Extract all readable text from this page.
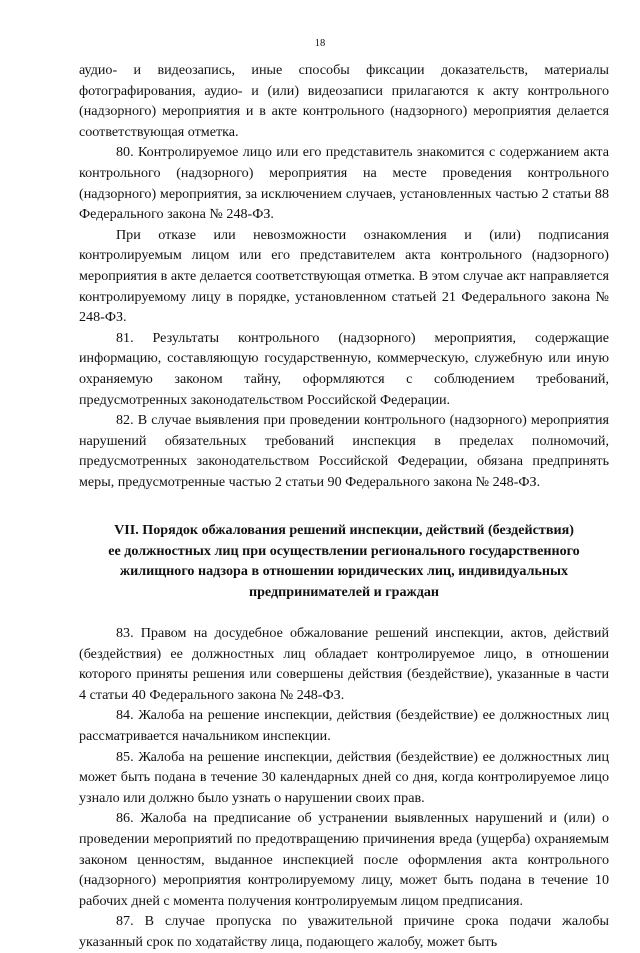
18

аудио- и видеозапись, иные способы фиксации доказательств, материалы фотографирования, аудио- и (или) видеозаписи прилагаются к акту контрольного (надзорного) мероприятия и в акте контрольного (надзорного) мероприятия делается соответствующая отметка.

80. Контролируемое лицо или его представитель знакомится с содержанием акта контрольного (надзорного) мероприятия на месте проведения контрольного (надзорного) мероприятия, за исключением случаев, установленных частью 2 статьи 88 Федерального закона № 248-ФЗ.

При отказе или невозможности ознакомления и (или) подписания контролируемым лицом или его представителем акта контрольного (надзорного) мероприятия в акте делается соответствующая отметка. В этом случае акт направляется контролируемому лицу в порядке, установленном статьей 21 Федерального закона № 248-ФЗ.

81. Результаты контрольного (надзорного) мероприятия, содержащие информацию, составляющую государственную, коммерческую, служебную или иную охраняемую законом тайну, оформляются с соблюдением требований, предусмотренных законодательством Российской Федерации.

82. В случае выявления при проведении контрольного (надзорного) мероприятия нарушений обязательных требований инспекция в пределах полномочий, предусмотренных законодательством Российской Федерации, обязана предпринять меры, предусмотренные частью 2 статьи 90 Федерального закона № 248-ФЗ.

VII. Порядок обжалования решений инспекции, действий (бездействия)
ее должностных лиц при осуществлении регионального государственного
жилищного надзора в отношении юридических лиц, индивидуальных
предпринимателей и граждан

83. Правом на досудебное обжалование решений инспекции, актов, действий (бездействия) ее должностных лиц обладает контролируемое лицо, в отношении которого приняты решения или совершены действия (бездействие), указанные в части 4 статьи 40 Федерального закона № 248-ФЗ.

84. Жалоба на решение инспекции, действия (бездействие) ее должностных лиц рассматривается начальником инспекции.

85. Жалоба на решение инспекции, действия (бездействие) ее должностных лиц может быть подана в течение 30 календарных дней со дня, когда контролируемое лицо узнало или должно было узнать о нарушении своих прав.

86. Жалоба на предписание об устранении выявленных нарушений и (или) о проведении мероприятий по предотвращению причинения вреда (ущерба) охраняемым законом ценностям, выданное инспекцией после оформления акта контрольного (надзорного) мероприятия контролируемому лицу, может быть подана в течение 10 рабочих дней с момента получения контролируемым лицом предписания.

87. В случае пропуска по уважительной причине срока подачи жалобы указанный срок по ходатайству лица, подающего жалобу, может быть
